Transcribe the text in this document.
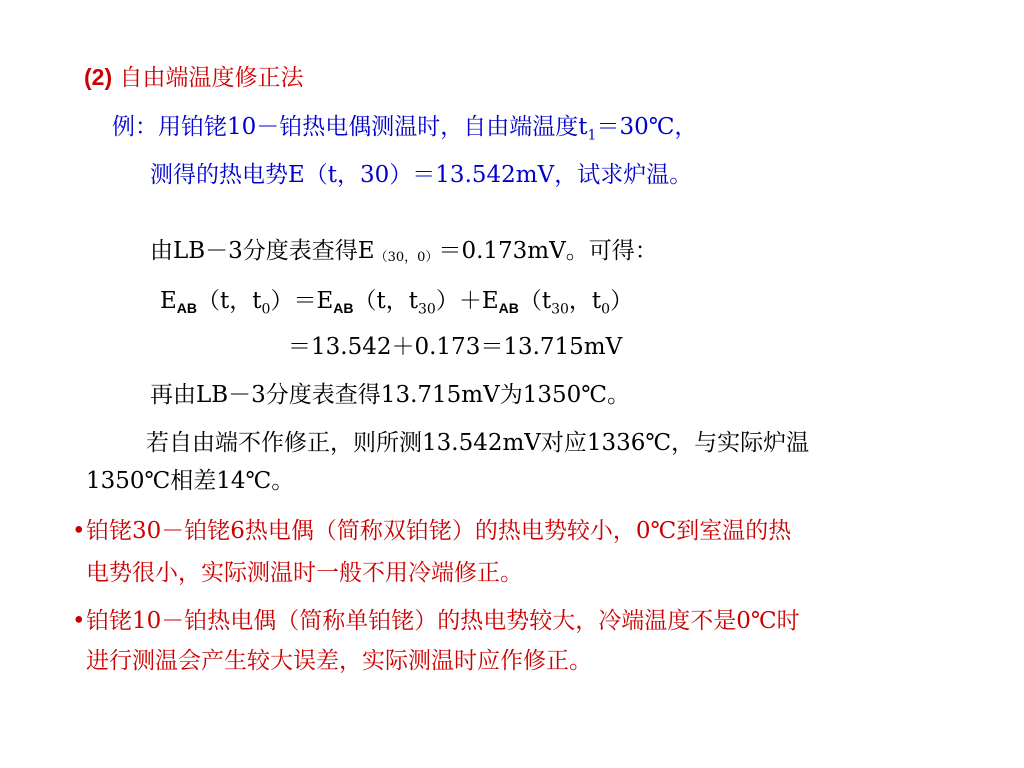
(2) 自由端温度修正法
例：用铂铑10－铂热电偶测温时，自由端温度$t_1=30℃$，
测得的热电势E（t，30）＝13.542mV，试求炉温。
由LB－3分度表查得E（30，0）＝0.173mV。可得：
$E_{AB}(t$，$t_0)=E_{AB}(t$，$t_{30})+E_{AB}(t_{30}$，$t_0$）
＝13.542＋0.173＝13.715mV
再由LB－3分度表查得13.715mV为1350℃。
若自由端不作修正，则所测13.542mV对应1336℃，与实际炉温
1350℃相差14℃。
•铂铑30－铂铑6热电偶（简称双铂铑）的热电势较小，0℃到室温的热
电势很小，实际测温时一般不用冷端修正。
•铂铑10－铂热电偶（简称单铂铑）的热电势较大，冷端温度不是0℃时
进行测温会产生较大误差，实际测温时应作修正。
